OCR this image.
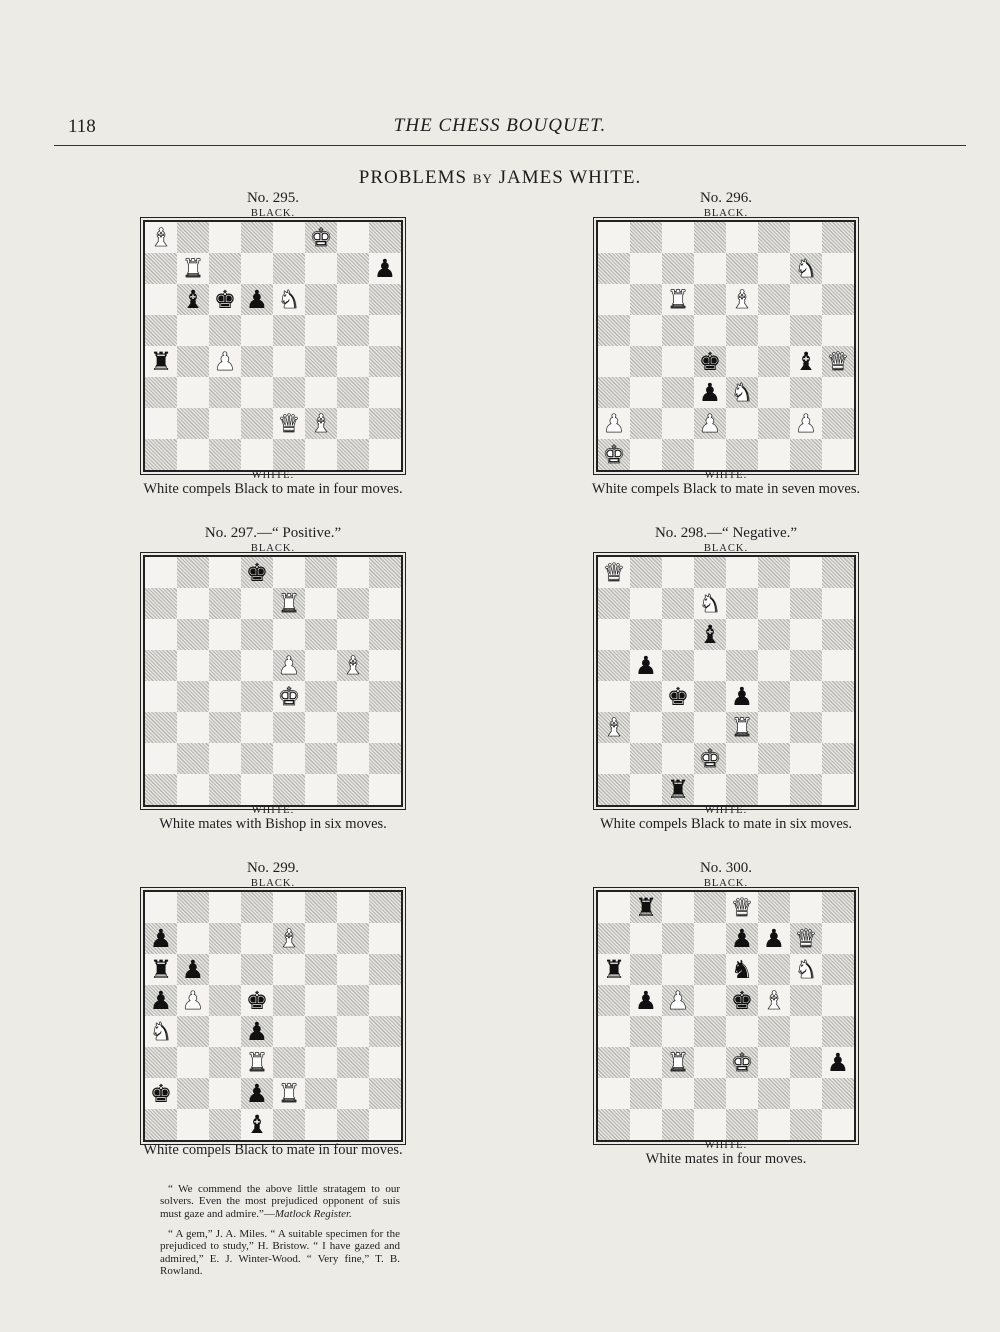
118	THE CHESS BOUQUET.
PROBLEMS BY JAMES WHITE.
No. 295.
BLACK.
♝	♚
♜	♟
♝ ♚ ♟ ♞
♜ ♟
♛ ♝
WHITE.
White compels Black to mate in four moves.
No. 296.
BLACK.
♞
♜ ♝
♚	♝ ♛
♟ ♞
♟	♟	♟
♚
WHITE.
White compels Black to mate in seven moves.
No. 297.—“ Positive.”
BLACK.
♚
♜
♟ ♝
♚
WHITE.
White mates with Bishop in six moves.
No. 298.—“ Negative.”
BLACK.
♛
♞
♝
♟
♚ ♟
♝	♜
♚
♜
WHITE.
White compels Black to mate in six moves.
No. 299.
BLACK.
♟	♝
♜ ♟
♟ ♟ ♚
♞	♟
♜
♚	♟ ♜
♝
White compels Black to mate in four moves.
No. 300.
BLACK.
♜	♛
♟ ♟ ♛
♜	♞ ♞
♟ ♟ ♚ ♝
♜ ♚	♟
WHITE.
White mates in four moves.
“ We commend the above little stratagem to our solvers. Even the most prejudiced opponent of suis must gaze and admire.”—Matlock Register.
“ A gem,” J. A. Miles. “ A suitable specimen for the prejudiced to study,” H. Bristow. “ I have gazed and admired,” E. J. Winter-Wood. “ Very fine,” T. B. Rowland.
